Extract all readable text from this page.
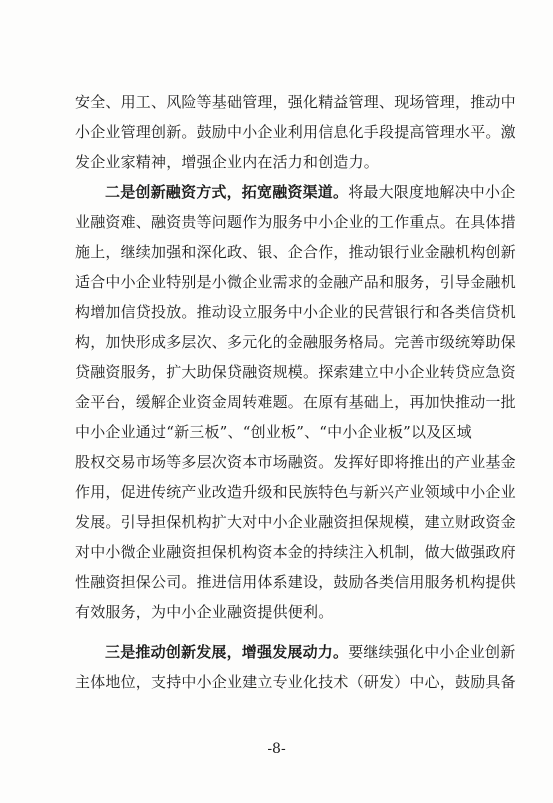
安全、用工、风险等基础管理，强化精益管理、现场管理，推动中
小企业管理创新。鼓励中小企业利用信息化手段提高管理水平。激
发企业家精神，增强企业内在活力和创造力。
二是创新融资方式，拓宽融资渠道。将最大限度地解决中小企
业融资难、融资贵等问题作为服务中小企业的工作重点。在具体措
施上，继续加强和深化政、银、企合作，推动银行业金融机构创新
适合中小企业特别是小微企业需求的金融产品和服务，引导金融机
构增加信贷投放。推动设立服务中小企业的民营银行和各类信贷机
构，加快形成多层次、多元化的金融服务格局。完善市级统筹助保
贷融资服务，扩大助保贷融资规模。探索建立中小企业转贷应急资
金平台，缓解企业资金周转难题。在原有基础上，再加快推动一批
中小企业通过“新三板”、“创业板”、“中小企业板”以及区域
股权交易市场等多层次资本市场融资。发挥好即将推出的产业基金
作用，促进传统产业改造升级和民族特色与新兴产业领域中小企业
发展。引导担保机构扩大对中小企业融资担保规模，建立财政资金
对中小微企业融资担保机构资本金的持续注入机制，做大做强政府
性融资担保公司。推进信用体系建设，鼓励各类信用服务机构提供
有效服务，为中小企业融资提供便利。
三是推动创新发展，增强发展动力。要继续强化中小企业创新
主体地位，支持中小企业建立专业化技术（研发）中心，鼓励具备
-8-
